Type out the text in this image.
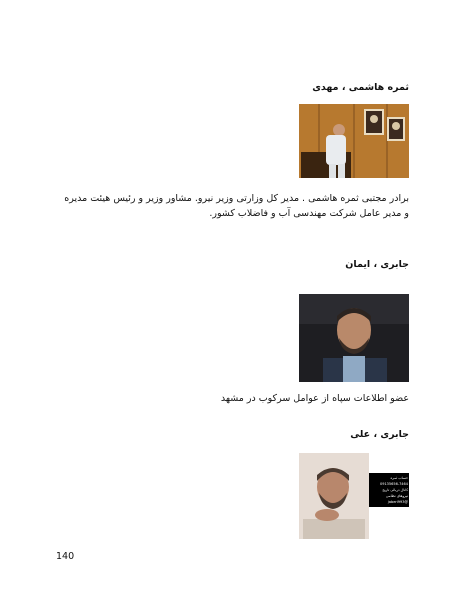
ثمره هاشمی ، مهدی
برادر مجتبی ثمره هاشمی . مدیر کل وزارتی وزیر نیرو. مشاور وزیر و رئیس هیئت مدیره و مدیر عامل شرکت مهندسی آب و فاضلاب کشور.
جابری ، ایمان
عضو اطلاعات سپاه از عوامل سرکوب در مشهد
جابری ، علی
حساب ثمره
09135656-7464
کانال دریائی تاریخ
نیروهای نظامی
@jaberi993
140
